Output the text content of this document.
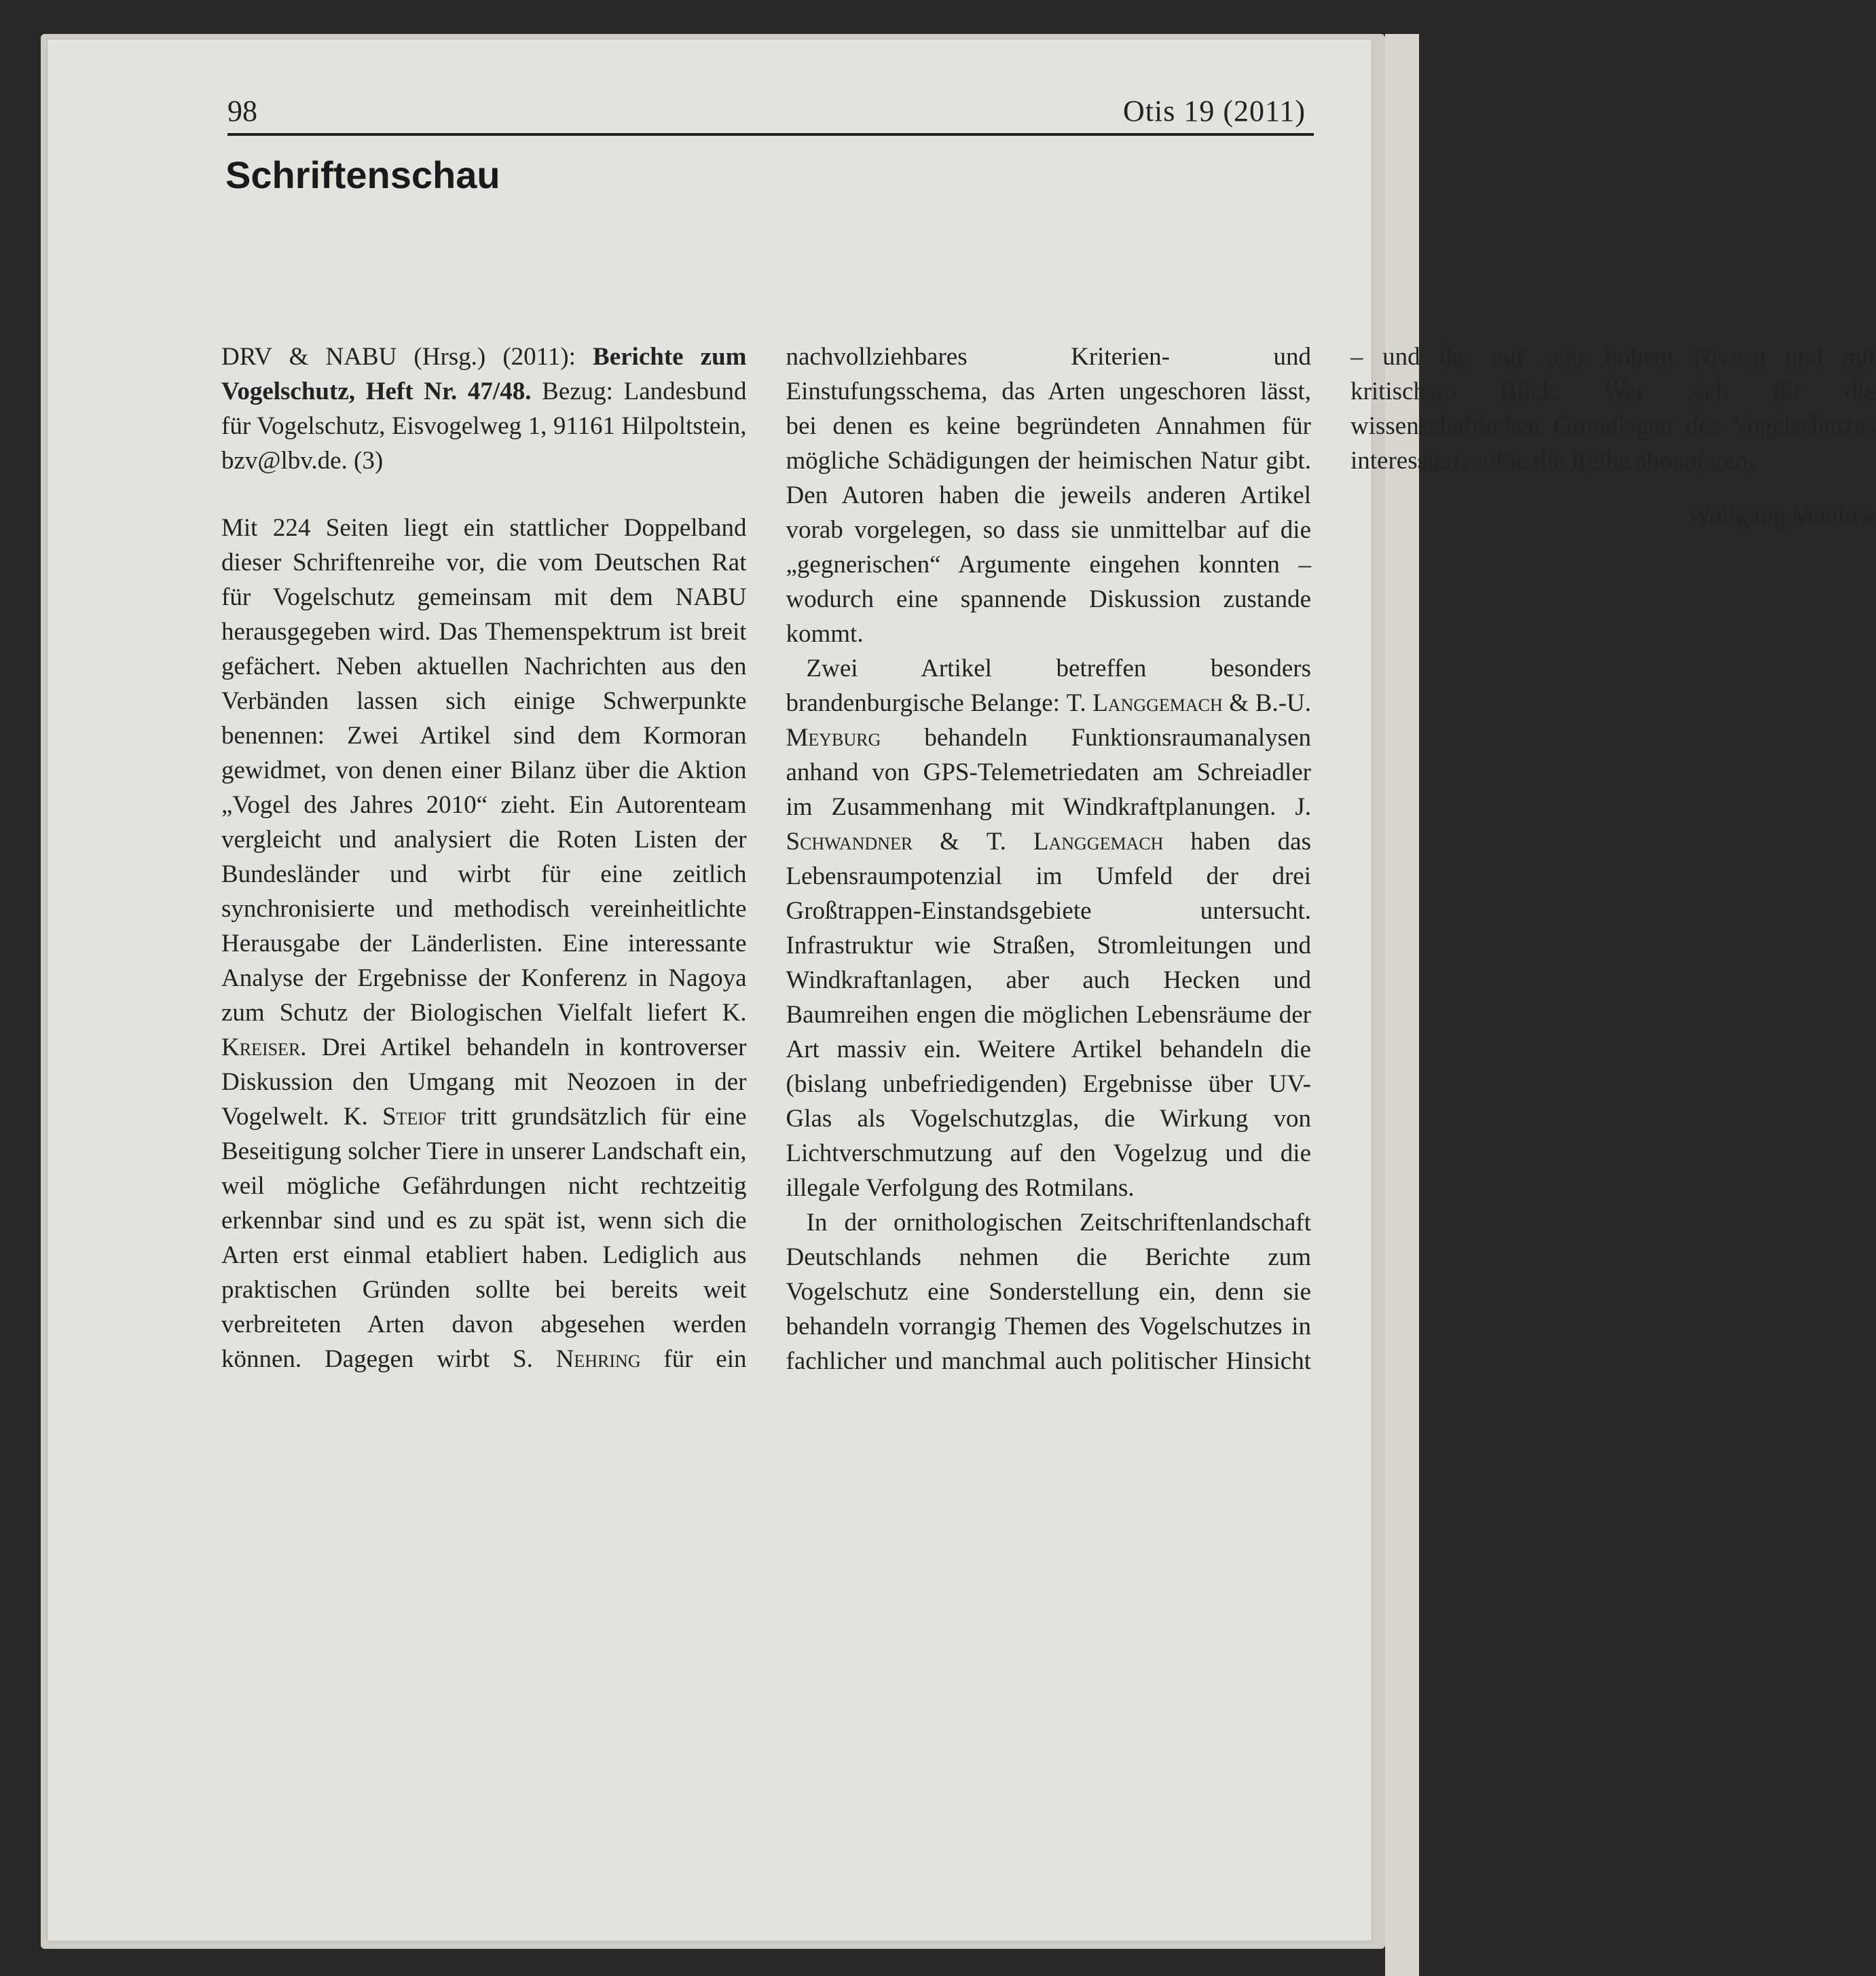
98	Otis 19 (2011)
Schriftenschau

DRV & NABU (Hrsg.) (2011): Berichte zum Vogelschutz, Heft Nr. 47/48. Bezug: Landesbund für Vogelschutz, Eisvogelweg 1, 91161 Hilpoltstein, bzv@lbv.de. (3)

Mit 224 Seiten liegt ein stattlicher Doppelband dieser Schriftenreihe vor, die vom Deutschen Rat für Vogelschutz gemeinsam mit dem NABU herausgegeben wird. Das Themenspektrum ist breit gefächert. Neben aktuellen Nachrichten aus den Verbänden lassen sich einige Schwerpunkte benennen: Zwei Artikel sind dem Kormoran gewidmet, von denen einer Bilanz über die Aktion „Vogel des Jahres 2010“ zieht. Ein Autorenteam vergleicht und analysiert die Roten Listen der Bundesländer und wirbt für eine zeitlich synchronisierte und methodisch vereinheitlichte Herausgabe der Länderlisten. Eine interessante Analyse der Ergebnisse der Konferenz in Nagoya zum Schutz der Biologischen Vielfalt liefert K. Kreiser. Drei Artikel behandeln in kontroverser Diskussion den Umgang mit Neozoen in der Vogelwelt. K. Steiof tritt grundsätzlich für eine Beseitigung solcher Tiere in unserer Landschaft ein, weil mögliche Gefährdungen nicht rechtzeitig erkennbar sind und es zu spät ist, wenn sich die Arten erst einmal etabliert haben. Lediglich aus praktischen Gründen sollte bei bereits weit verbreiteten Arten davon abgesehen werden können. Dagegen wirbt S. Nehring für ein nachvollziehbares Kriterien- und Einstufungsschema, das Arten ungeschoren lässt, bei denen es keine begründeten Annahmen für mögliche Schädigungen der heimischen Natur gibt. Den Autoren haben die jeweils anderen Artikel vorab vorgelegen, so dass sie unmittelbar auf die „gegnerischen“ Argumente eingehen konnten – wodurch eine spannende Diskussion zustande kommt.

Zwei Artikel betreffen besonders brandenburgische Belange: T. Langgemach & B.-U. Meyburg behandeln Funktionsraumanalysen anhand von GPS-Telemetriedaten am Schreiadler im Zusammenhang mit Windkraftplanungen. J. Schwandner & T. Langgemach haben das Lebensraumpotenzial im Umfeld der drei Großtrappen-Einstandsgebiete untersucht. Infrastruktur wie Straßen, Stromleitungen und Windkraftanlagen, aber auch Hecken und Baumreihen engen die möglichen Lebensräume der Art massiv ein. Weitere Artikel behandeln die (bislang unbefriedigenden) Ergebnisse über UV-Glas als Vogelschutzglas, die Wirkung von Lichtverschmutzung auf den Vogelzug und die illegale Verfolgung des Rotmilans.

In der ornithologischen Zeitschriftenlandschaft Deutschlands nehmen die Berichte zum Vogelschutz eine Sonderstellung ein, denn sie behandeln vorrangig Themen des Vogelschutzes in fachlicher und manchmal auch politischer Hinsicht – und das auf sehr hohem Niveau und mit kritischem Blick. Wer sich für die wissenschaftlichen Grundlagen des Vogelschutzes interessiert, sollte die Reihe abonnieren.

Wolfgang Mädlow
